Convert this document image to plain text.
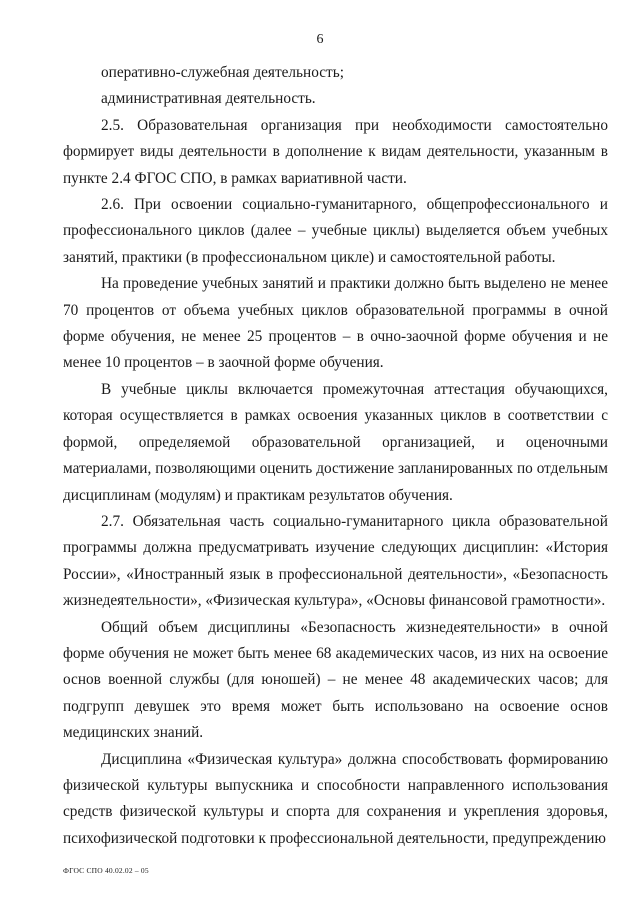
6

оперативно-служебная деятельность;

административная деятельность.

2.5. Образовательная организация при необходимости самостоятельно формирует виды деятельности в дополнение к видам деятельности, указанным в пункте 2.4 ФГОС СПО, в рамках вариативной части.

2.6. При освоении социально-гуманитарного, общепрофессионального и профессионального циклов (далее – учебные циклы) выделяется объем учебных занятий, практики (в профессиональном цикле) и самостоятельной работы.

На проведение учебных занятий и практики должно быть выделено не менее 70 процентов от объема учебных циклов образовательной программы в очной форме обучения, не менее 25 процентов – в очно-заочной форме обучения и не менее 10 процентов – в заочной форме обучения.

В учебные циклы включается промежуточная аттестация обучающихся, которая осуществляется в рамках освоения указанных циклов в соответствии с формой, определяемой образовательной организацией, и оценочными материалами, позволяющими оценить достижение запланированных по отдельным дисциплинам (модулям) и практикам результатов обучения.

2.7. Обязательная часть социально-гуманитарного цикла образовательной программы должна предусматривать изучение следующих дисциплин: «История России», «Иностранный язык в профессиональной деятельности», «Безопасность жизнедеятельности», «Физическая культура», «Основы финансовой грамотности».

Общий объем дисциплины «Безопасность жизнедеятельности» в очной форме обучения не может быть менее 68 академических часов, из них на освоение основ военной службы (для юношей) – не менее 48 академических часов; для подгрупп девушек это время может быть использовано на освоение основ медицинских знаний.

Дисциплина «Физическая культура» должна способствовать формированию физической культуры выпускника и способности направленного использования средств физической культуры и спорта для сохранения и укрепления здоровья, психофизической подготовки к профессиональной деятельности, предупреждению

ФГОС СПО 40.02.02 – 05
